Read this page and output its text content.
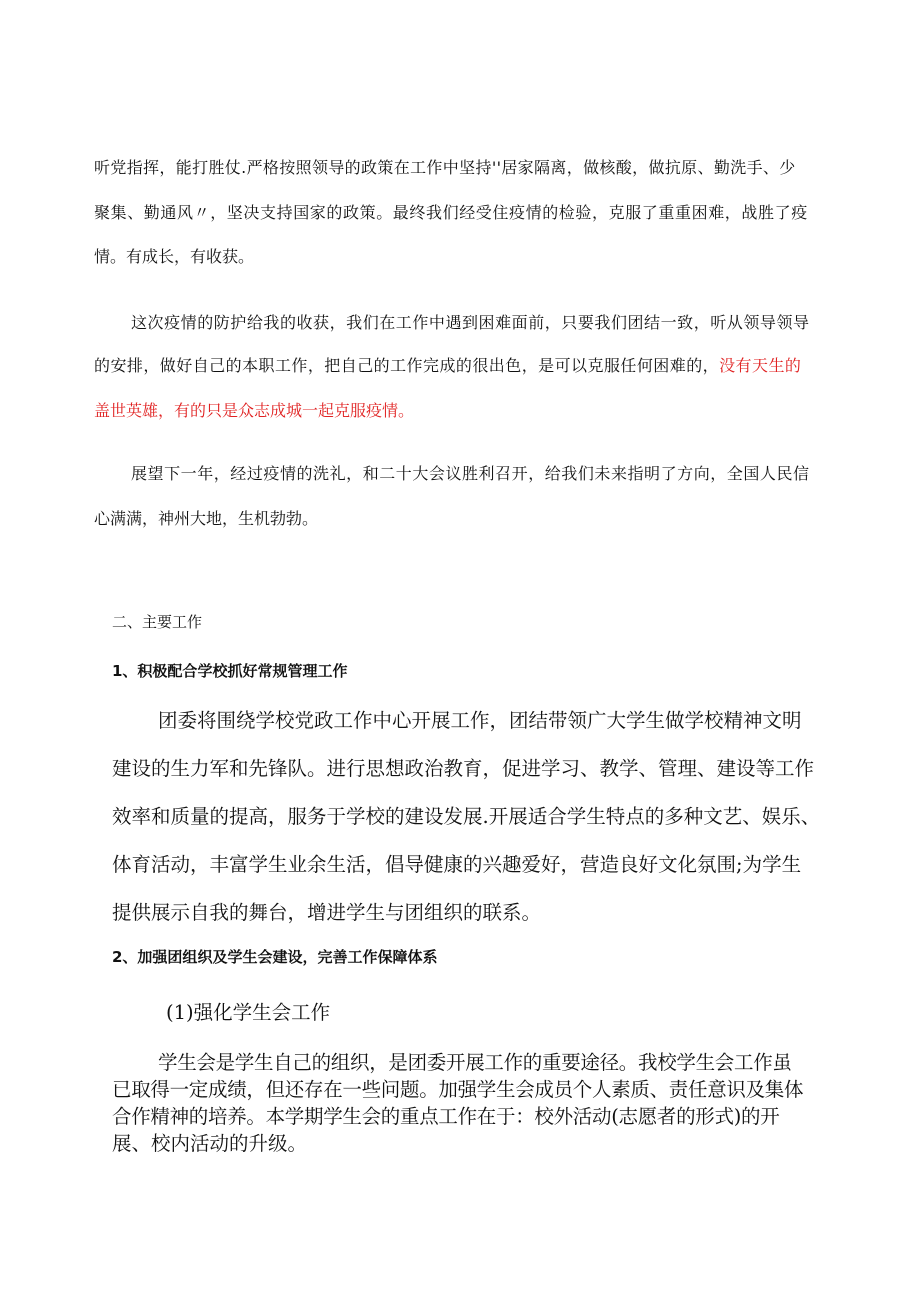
听党指挥，能打胜仗.严格按照领导的政策在工作中坚持''居家隔离，做核酸，做抗原、勤洗手、少

聚集、勤通风〃，坚决支持国家的政策。最终我们经受住疫情的检验，克服了重重困难，战胜了疫

情。有成长，有收获。

这次疫情的防护给我的收获，我们在工作中遇到困难面前，只要我们团结一致，听从领导领导

的安排，做好自己的本职工作，把自己的工作完成的很出色，是可以克服任何困难的，没有天生的

盖世英雄，有的只是众志成城一起克服疫情。

展望下一年，经过疫情的洗礼，和二十大会议胜利召开，给我们未来指明了方向，全国人民信

心满满，神州大地，生机勃勃。

二、主要工作

1、积极配合学校抓好常规管理工作

团委将围绕学校党政工作中心开展工作，团结带领广大学生做学校精神文明

建设的生力军和先锋队。进行思想政治教育，促进学习、教学、管理、建设等工作

效率和质量的提高，服务于学校的建设发展.开展适合学生特点的多种文艺、娱乐、

体育活动，丰富学生业余生活，倡导健康的兴趣爱好，营造良好文化氛围;为学生

提供展示自我的舞台，增进学生与团组织的联系。

2、加强团组织及学生会建设，完善工作保障体系

(1)强化学生会工作

学生会是学生自己的组织，是团委开展工作的重要途径。我校学生会工作虽

已取得一定成绩，但还存在一些问题。加强学生会成员个人素质、责任意识及集体

合作精神的培养。本学期学生会的重点工作在于：校外活动(志愿者的形式)的开

展、校内活动的升级。
